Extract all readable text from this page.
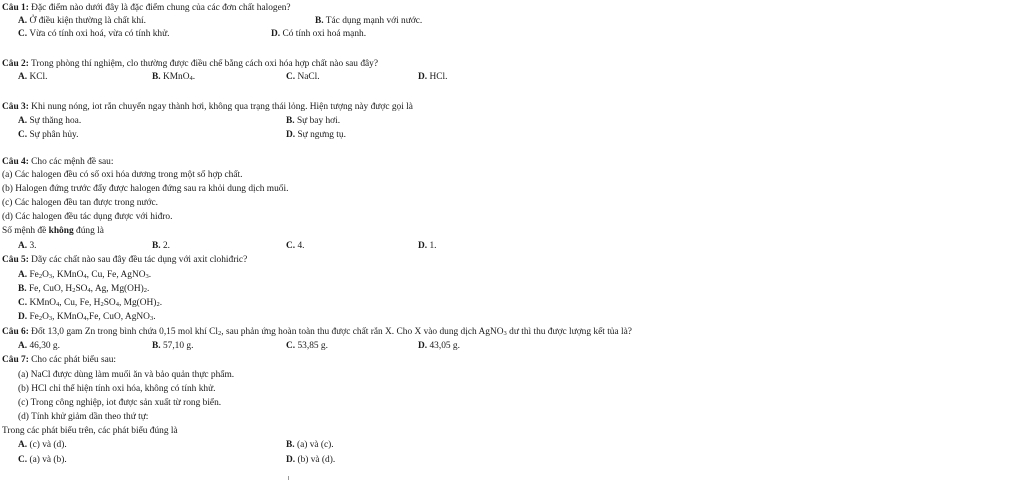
Câu 1: Đặc điểm nào dưới đây là đặc điểm chung của các đơn chất halogen?
A. Ở điều kiện thường là chất khí.	B. Tác dụng mạnh với nước.
C. Vừa có tính oxi hoá, vừa có tính khử.	D. Có tính oxi hoá mạnh.
Câu 2: Trong phòng thí nghiệm, clo thường được điều chế bằng cách oxi hóa hợp chất nào sau đây?
A. KCl.	B. KMnO4.	C. NaCl.	D. HCl.
Câu 3: Khi nung nóng, iot rắn chuyển ngay thành hơi, không qua trạng thái lỏng. Hiện tượng này được gọi là
A. Sự thăng hoa.	B. Sự bay hơi.
C. Sự phân hủy.	D. Sự ngưng tụ.
Câu 4: Cho các mệnh đề sau:
(a) Các halogen đều có số oxi hóa dương trong một số hợp chất.
(b) Halogen đứng trước đẩy được halogen đứng sau ra khỏi dung dịch muối.
(c) Các halogen đều tan được trong nước.
(d) Các halogen đều tác dụng được với hiđro.
Số mệnh đề không đúng là
A. 3.	B. 2.	C. 4.	D. 1.
Câu 5: Dãy các chất nào sau đây đều tác dụng với axit clohiđric?
A. Fe2O3, KMnO4, Cu, Fe, AgNO3.
B. Fe, CuO, H2SO4, Ag, Mg(OH)2.
C. KMnO4, Cu, Fe, H2SO4, Mg(OH)2.
D. Fe2O3, KMnO4,Fe, CuO, AgNO3.
Câu 6: Đốt 13,0 gam Zn trong bình chứa 0,15 mol khí Cl2, sau phản ứng hoàn toàn thu được chất rắn X. Cho X vào dung dịch AgNO3 dư thì thu được lượng kết tủa là?
A. 46,30 g.	B. 57,10 g.	C. 53,85 g.	D. 43,05 g.
Câu 7: Cho các phát biểu sau:
(a) NaCl được dùng làm muối ăn và bảo quản thực phẩm.
(b) HCl chỉ thể hiện tính oxi hóa, không có tính khử.
(c) Trong công nghiệp, iot được sản xuất từ rong biển.
(d) Tính khử giảm dần theo thứ tự:
Trong các phát biểu trên, các phát biểu đúng là
A. (c) và (d).	B. (a) và (c).
C. (a) và (b).	D. (b) và (d).
